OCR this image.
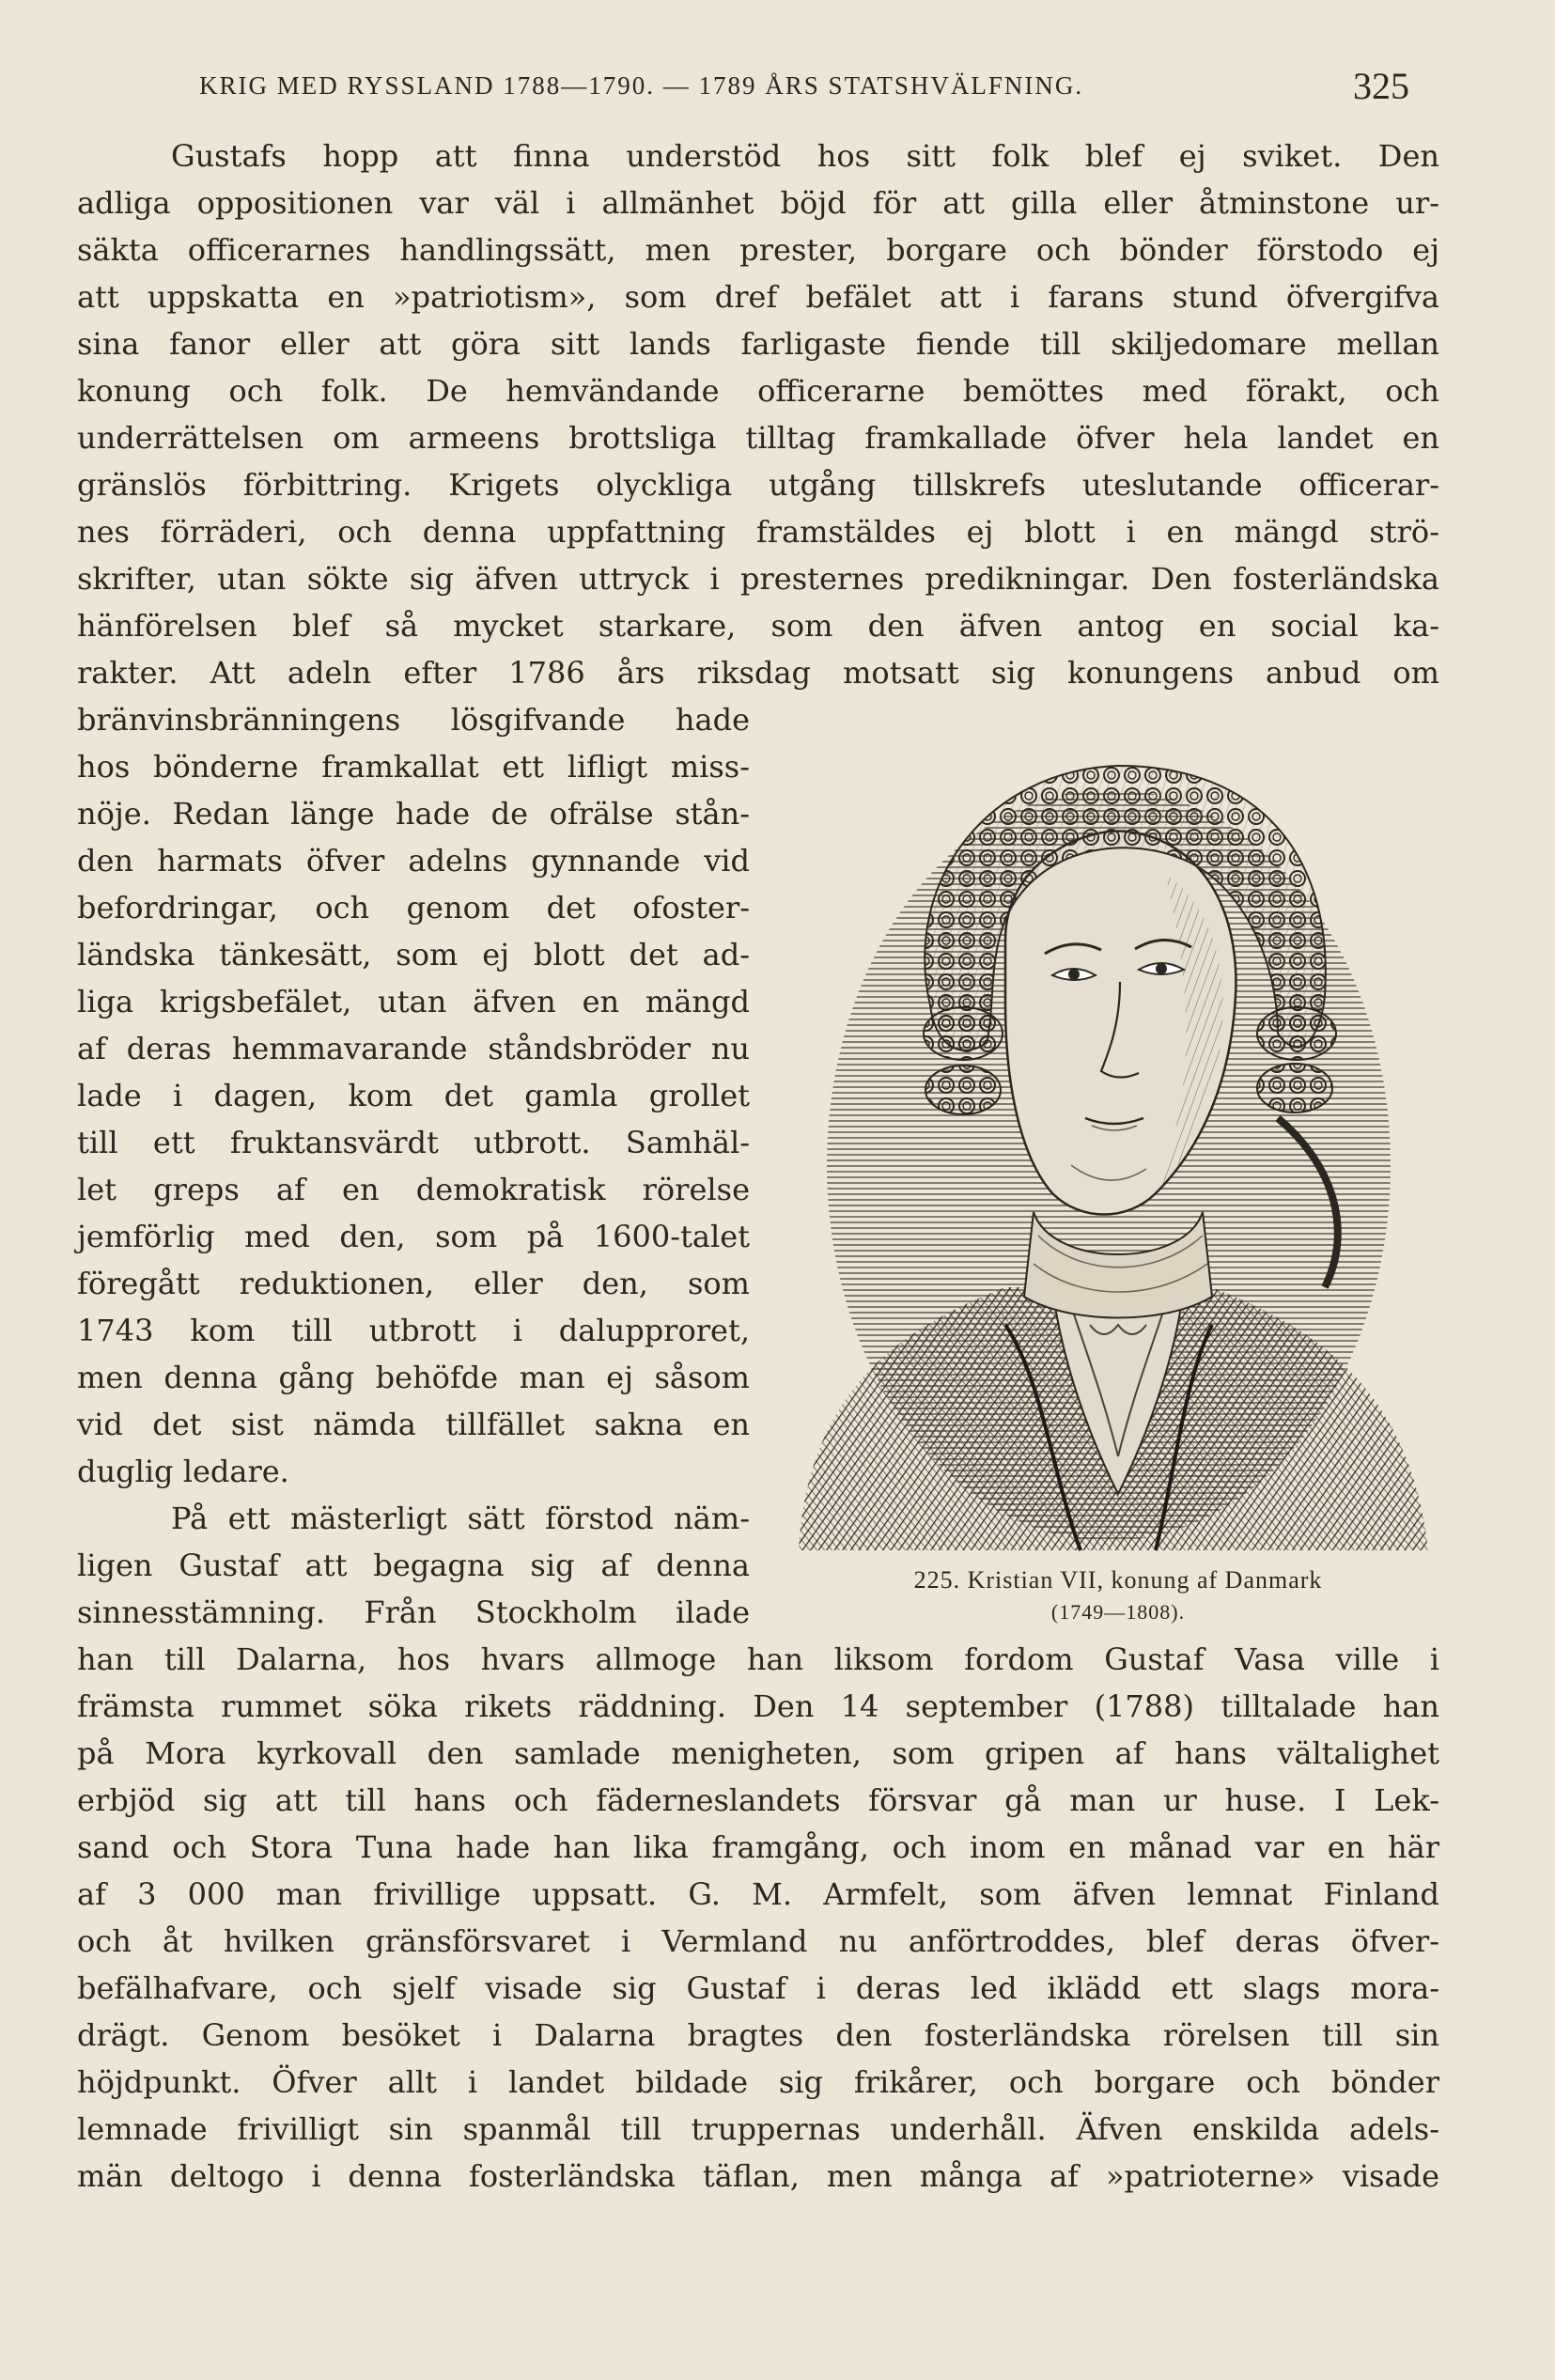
KRIG MED RYSSLAND 1788—1790. — 1789 ÅRS STATSHVÄLFNING.	325
Gustafs hopp att finna understöd hos sitt folk blef ej sviket. Den
adliga oppositionen var väl i allmänhet böjd för att gilla eller åtminstone ur-
säkta officerarnes handlingssätt, men prester, borgare och bönder förstodo ej
att uppskatta en »patriotism», som dref befälet att i farans stund öfvergifva
sina fanor eller att göra sitt lands farligaste fiende till skiljedomare mellan
konung och folk. De hemvändande officerarne bemöttes med förakt, och
underrättelsen om armeens brottsliga tilltag framkallade öfver hela landet en
gränslös förbittring. Krigets olyckliga utgång tillskrefs uteslutande officerar-
nes förräderi, och denna uppfattning framstäldes ej blott i en mängd strö-
skrifter, utan sökte sig äfven uttryck i presternes predikningar. Den fosterländska
hänförelsen blef så mycket starkare, som den äfven antog en social ka-
rakter. Att adeln efter 1786 års riksdag motsatt sig konungens anbud om
bränvinsbränningens lösgifvande hade
hos bönderne framkallat ett lifligt miss-
nöje. Redan länge hade de ofrälse stån-
den harmats öfver adelns gynnande vid
befordringar, och genom det ofoster-
ländska tänkesätt, som ej blott det ad-
liga krigsbefälet, utan äfven en mängd
af deras hemmavarande ståndsbröder nu
lade i dagen, kom det gamla grollet
till ett fruktansvärdt utbrott. Samhäl-
let greps af en demokratisk rörelse
jemförlig med den, som på 1600-talet
föregått reduktionen, eller den, som
1743 kom till utbrott i dalupproret,
men denna gång behöfde man ej såsom
vid det sist nämda tillfället sakna en
duglig ledare.
På ett mästerligt sätt förstod näm-
ligen Gustaf att begagna sig af denna
sinnesstämning. Från Stockholm ilade
225. Kristian VII, konung af Danmark
(1749—1808).
han till Dalarna, hos hvars allmoge han liksom fordom Gustaf Vasa ville i
främsta rummet söka rikets räddning. Den 14 september (1788) tilltalade han
på Mora kyrkovall den samlade menigheten, som gripen af hans vältalighet
erbjöd sig att till hans och fäderneslandets försvar gå man ur huse. I Lek-
sand och Stora Tuna hade han lika framgång, och inom en månad var en här
af 3 000 man frivillige uppsatt. G. M. Armfelt, som äfven lemnat Finland
och åt hvilken gränsförsvaret i Vermland nu anförtroddes, blef deras öfver-
befälhafvare, och sjelf visade sig Gustaf i deras led iklädd ett slags mora-
drägt. Genom besöket i Dalarna bragtes den fosterländska rörelsen till sin
höjdpunkt. Öfver allt i landet bildade sig frikårer, och borgare och bönder
lemnade frivilligt sin spanmål till truppernas underhåll. Äfven enskilda adels-
män deltogo i denna fosterländska täflan, men många af »patrioterne» visade
